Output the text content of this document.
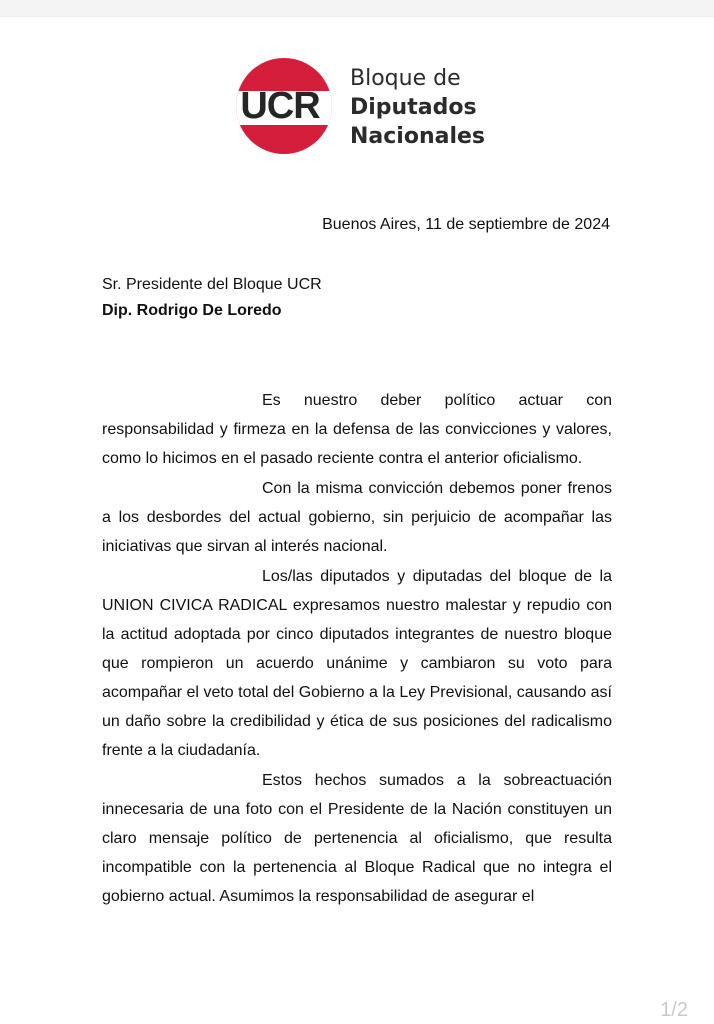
UCR
Bloque de
Diputados
Nacionales
Buenos Aires, 11 de septiembre de 2024
Sr. Presidente del Bloque UCR
Dip. Rodrigo De Loredo

Es nuestro deber político actuar con responsabilidad y firmeza en la defensa de las convicciones y valores, como lo hicimos en el pasado reciente contra el anterior oficialismo.

Con la misma convicción debemos poner frenos a los desbordes del actual gobierno, sin perjuicio de acompañar las iniciativas que sirvan al interés nacional.

Los/las diputados y diputadas del bloque de la UNION CIVICA RADICAL expresamos nuestro malestar y repudio con la actitud adoptada por cinco diputados integrantes de nuestro bloque que rompieron un acuerdo unánime y cambiaron su voto para acompañar el veto total del Gobierno a la Ley Previsional, causando así un daño sobre la credibilidad y ética de sus posiciones del radicalismo frente a la ciudadanía.

Estos hechos sumados a la sobreactuación innecesaria de una foto con el Presidente de la Nación constituyen un claro mensaje político de pertenencia al oficialismo, que resulta incompatible con la pertenencia al Bloque Radical que no integra el gobierno actual. Asumimos la responsabilidad de asegurar el

1/2
